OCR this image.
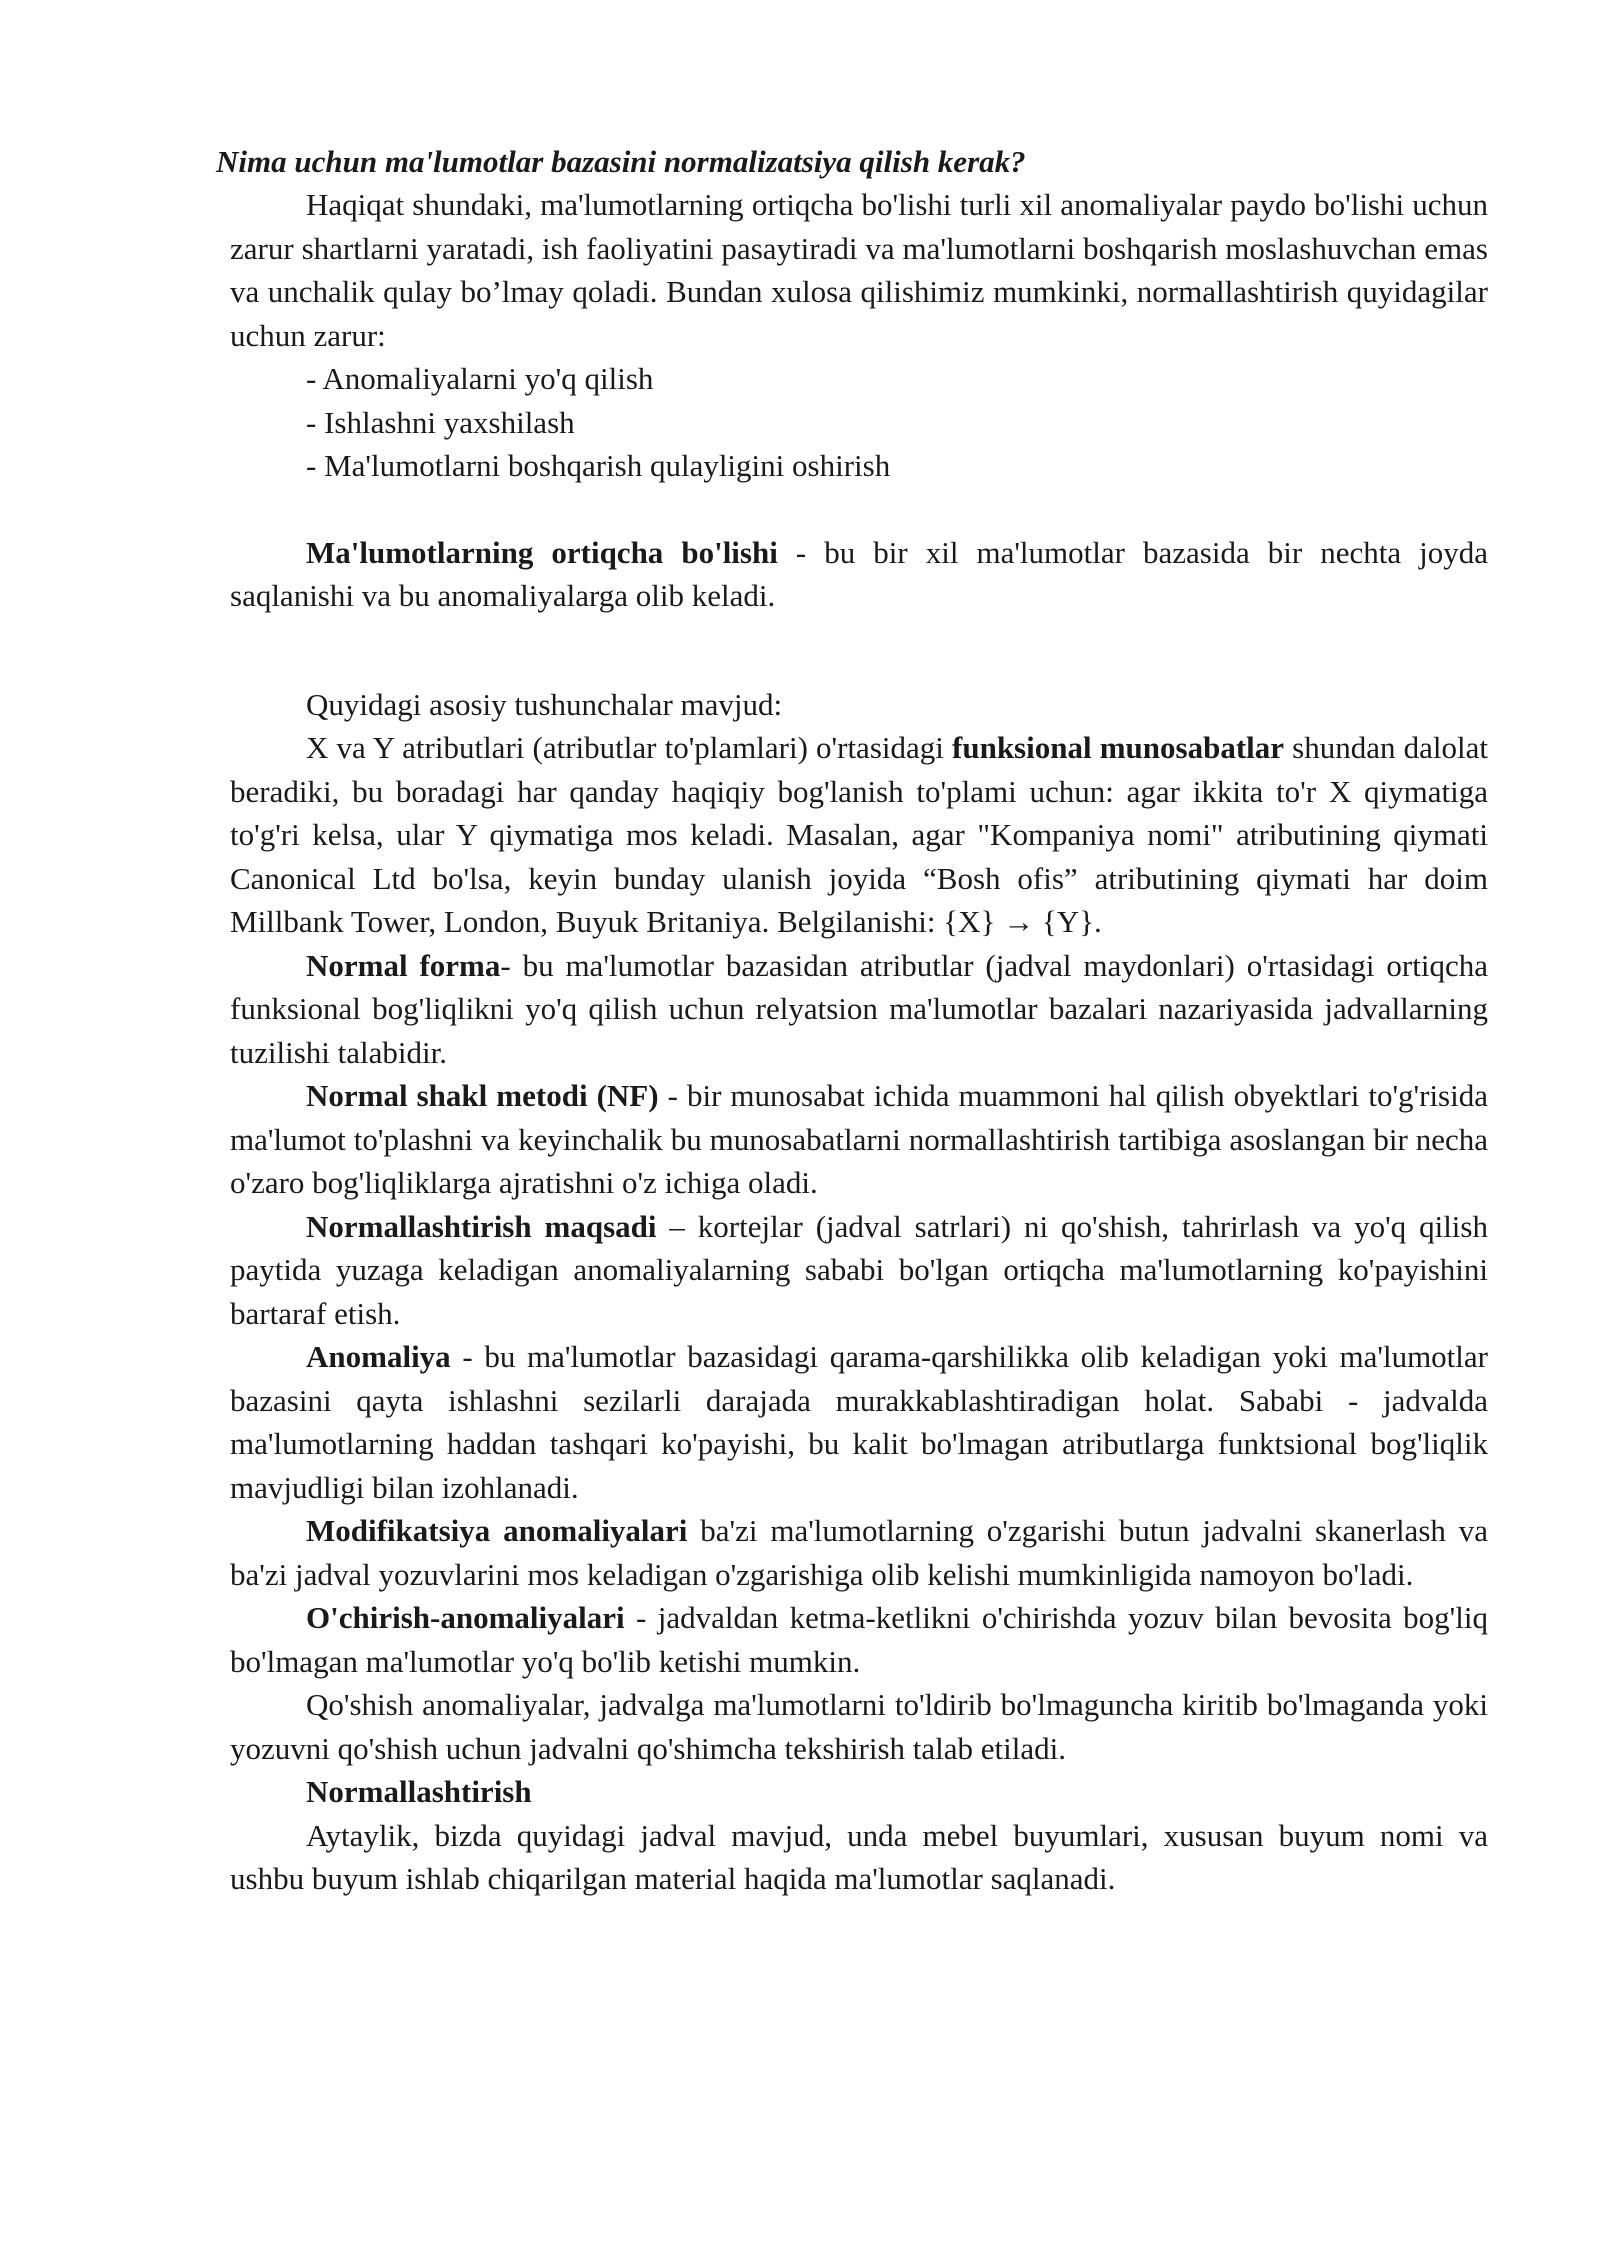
Nima uchun ma'lumotlar bazasini normalizatsiya qilish kerak?

Haqiqat shundaki, ma'lumotlarning ortiqcha bo'lishi turli xil anomaliyalar paydo bo'lishi uchun zarur shartlarni yaratadi, ish faoliyatini pasaytiradi va ma'lumotlarni boshqarish moslashuvchan emas va unchalik qulay bo’lmay qoladi. Bundan xulosa qilishimiz mumkinki, normallashtirish quyidagilar uchun zarur:

- Anomaliyalarni yo'q qilish
- Ishlashni yaxshilash
- Ma'lumotlarni boshqarish qulayligini oshirish

Ma'lumotlarning ortiqcha bo'lishi - bu bir xil ma'lumotlar bazasida bir nechta joyda saqlanishi va bu anomaliyalarga olib keladi.

Quyidagi asosiy tushunchalar mavjud:

X va Y atributlari (atributlar to'plamlari) o'rtasidagi funksional munosabatlar shundan dalolat beradiki, bu boradagi har qanday haqiqiy bog'lanish to'plami uchun: agar ikkita to'r X qiymatiga to'g'ri kelsa, ular Y qiymatiga mos keladi. Masalan, agar "Kompaniya nomi" atributining qiymati Canonical Ltd bo'lsa, keyin bunday ulanish joyida “Bosh ofis” atributining qiymati har doim Millbank Tower, London, Buyuk Britaniya. Belgilanishi: {X} → {Y}.

Normal forma- bu ma'lumotlar bazasidan atributlar (jadval maydonlari) o'rtasidagi ortiqcha funksional bog'liqlikni yo'q qilish uchun relyatsion ma'lumotlar bazalari nazariyasida jadvallarning tuzilishi talabidir.

Normal shakl metodi (NF) - bir munosabat ichida muammoni hal qilish obyektlari to'g'risida ma'lumot to'plashni va keyinchalik bu munosabatlarni normallashtirish tartibiga asoslangan bir necha o'zaro bog'liqliklarga ajratishni o'z ichiga oladi.

Normallashtirish maqsadi – kortejlar (jadval satrlari) ni qo'shish, tahrirlash va yo'q qilish paytida yuzaga keladigan anomaliyalarning sababi bo'lgan ortiqcha ma'lumotlarning ko'payishini bartaraf etish.

Anomaliya - bu ma'lumotlar bazasidagi qarama-qarshilikka olib keladigan yoki ma'lumotlar bazasini qayta ishlashni sezilarli darajada murakkablashtiradigan holat. Sababi - jadvalda ma'lumotlarning haddan tashqari ko'payishi, bu kalit bo'lmagan atributlarga funktsional bog'liqlik mavjudligi bilan izohlanadi.

Modifikatsiya anomaliyalari ba'zi ma'lumotlarning o'zgarishi butun jadvalni skanerlash va ba'zi jadval yozuvlarini mos keladigan o'zgarishiga olib kelishi mumkinligida namoyon bo'ladi.

O'chirish-anomaliyalari - jadvaldan ketma-ketlikni o'chirishda yozuv bilan bevosita bog'liq bo'lmagan ma'lumotlar yo'q bo'lib ketishi mumkin.

Qo'shish anomaliyalar, jadvalga ma'lumotlarni to'ldirib bo'lmaguncha kiritib bo'lmaganda yoki yozuvni qo'shish uchun jadvalni qo'shimcha tekshirish talab etiladi.

Normallashtirish

Aytaylik, bizda quyidagi jadval mavjud, unda mebel buyumlari, xususan buyum nomi va ushbu buyum ishlab chiqarilgan material haqida ma'lumotlar saqlanadi.
